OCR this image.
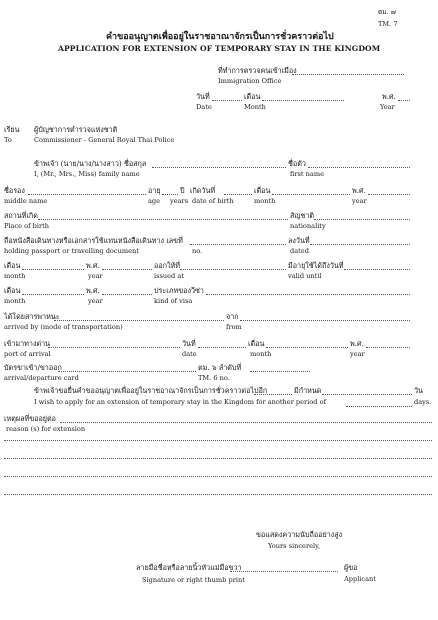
ตม. ๗
TM. 7
คำขออนุญาตเพื่ออยู่ในราชอาณาจักรเป็นการชั่วคราวต่อไป
APPLICATION FOR EXTENSION OF TEMPORARY STAY IN THE KINGDOM
ที่ทำการตรวจคนเข้าเมือง
Immigration Office
วันที่	เดือน	พ.ศ.
Date	Month	Year
เรียน ผู้บัญชาการตำรวจแห่งชาติ
To	Commissioner - General Royal Thai Police
ข้าพเจ้า (นาย/นาง/นางสาว) ชื่อสกุล	ชื่อตัว
I, (Mr., Mrs., Miss) family name	first name
ชื่อรอง	อายุ	ปี เกิดวันที่	เดือน	พ.ศ.
middle name	age years date of birth	month	year
สถานที่เกิด	สัญชาติ
Place of birth	nationality
ถือหนังสือเดินทางหรือเอกสารใช้แทนหนังสือเดินทาง เลขที่	ลงวันที่
holding passport or travelling document	no.	dated
เดือน	พ.ศ.	ออกให้ที่	มีอายุใช้ได้ถึงวันที่
month	year	issued at	valid until
เดือน	พ.ศ.	ประเภทของวีซ่า
month	year	kind of visa
ได้โดยสารพาหนะ	จาก
arrived by (mode of transportation)	from
เข้ามาทางด่าน	วันที่	เดือน	พ.ศ.
port of arrival	date	month	year
บัตรขาเข้า/ขาออก	ตม. ๖ ลำดับที่
arrival/departure card	TM. 6 no.
ข้าพเจ้าขอยื่นคำขออนุญาตเพื่ออยู่ในราชอาณาจักรเป็นการชั่วคราวต่อไปอีก	มีกำหนด	วัน
I wish to apply for an extension of temporary stay in the Kingdom for another period of	days.
เหตุผลที่ขออยู่ต่อ
reason (s) for extension
ขอแสดงความนับถืออย่างสูง
Yours sincerely,
ลายมือชื่อหรือลายนิ้วหัวแม่มือขวา	ผู้ขอ
Signature or right thumb print	Applicant
